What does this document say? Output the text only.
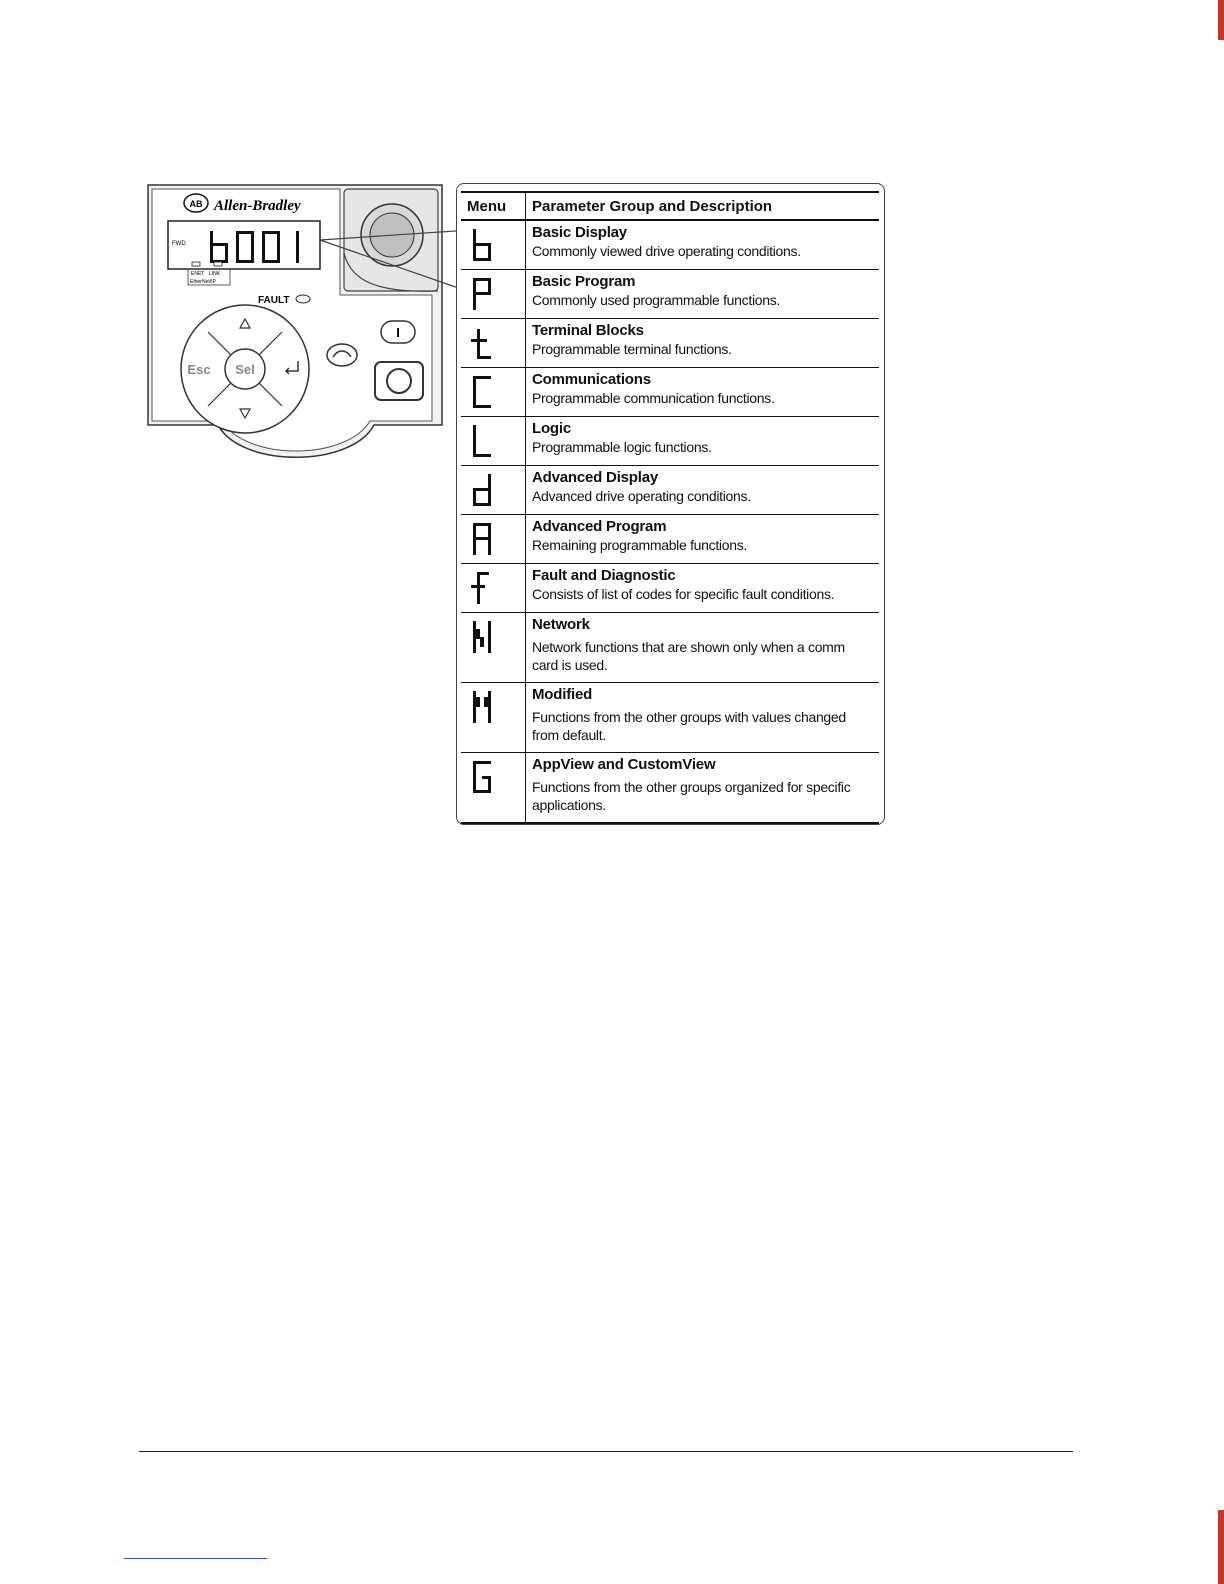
AB Allen-Bradley
FWD
ENET LINK
EtherNet/IP
FAULT
Sel
Esc
I
Menu	Parameter Group and Description

Basic Display
Commonly viewed drive operating conditions.

Basic Program
Commonly used programmable functions.

Terminal Blocks
Programmable terminal functions.

Communications
Programmable communication functions.

Logic
Programmable logic functions.

Advanced Display
Advanced drive operating conditions.

Advanced Program
Remaining programmable functions.

Fault and Diagnostic
Consists of list of codes for specific fault conditions.

Network
Network functions that are shown only when a comm card is used.

Modified
Functions from the other groups with values changed from default.

AppView and CustomView
Functions from the other groups organized for specific applications.
